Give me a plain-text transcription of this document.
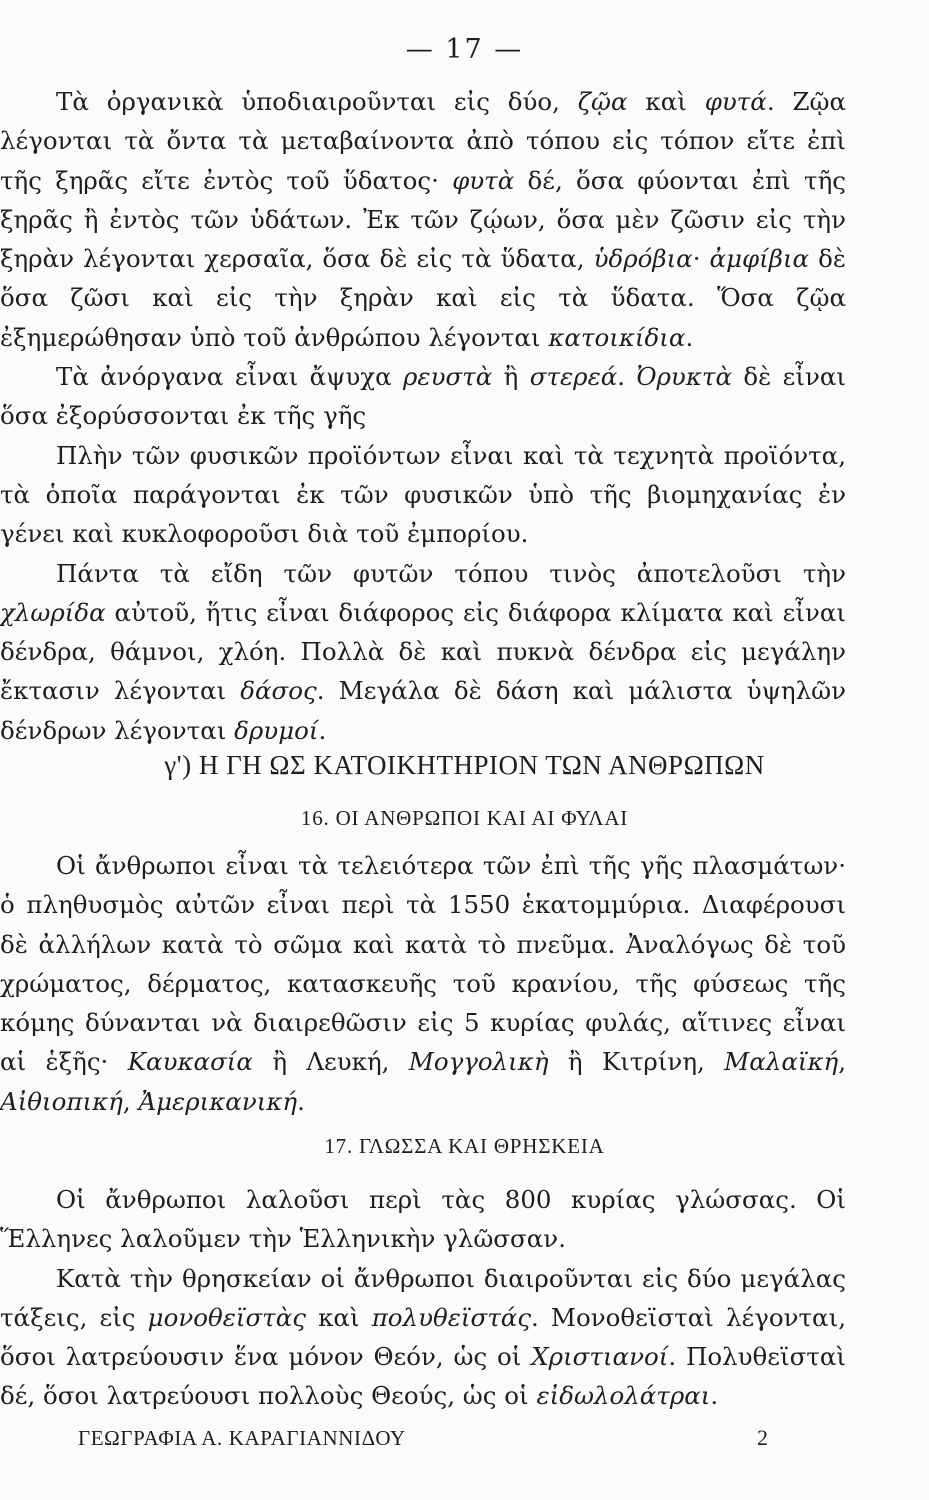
— 17 —

Τὰ ὀργανικὰ ὑποδιαιροῦνται εἰς δύο, ζῷα καὶ φυτά. Ζῷα λέγονται τὰ ὄντα τὰ μεταβαίνοντα ἀπὸ τόπου εἰς τόπον εἴτε ἐπὶ τῆς ξηρᾶς εἴτε ἐντὸς τοῦ ὕδατος· φυτὰ δέ, ὅσα φύονται ἐπὶ τῆς ξηρᾶς ἢ ἐντὸς τῶν ὑδάτων. Ἐκ τῶν ζῴων, ὅσα μὲν ζῶσιν εἰς τὴν ξηρὰν λέγονται χερσαῖα, ὅσα δὲ εἰς τὰ ὕδατα, ὑδρόβια· ἀμφίβια δὲ ὅσα ζῶσι καὶ εἰς τὴν ξηρὰν καὶ εἰς τὰ ὕδατα. Ὅσα ζῷα ἐξημερώθησαν ὑπὸ τοῦ ἀνθρώπου λέγονται κατοικίδια.

Τὰ ἀνόργανα εἶναι ἄψυχα ρευστὰ ἢ στερεά. Ὀρυκτὰ δὲ εἶναι ὅσα ἐξορύσσονται ἐκ τῆς γῆς

Πλὴν τῶν φυσικῶν προϊόντων εἶναι καὶ τὰ τεχνητὰ προϊόντα, τὰ ὁποῖα παράγονται ἐκ τῶν φυσικῶν ὑπὸ τῆς βιομηχανίας ἐν γένει καὶ κυκλοφοροῦσι διὰ τοῦ ἐμπορίου.

Πάντα τὰ εἴδη τῶν φυτῶν τόπου τινὸς ἀποτελοῦσι τὴν χλωρίδα αὐτοῦ, ἥτις εἶναι διάφορος εἰς διάφορα κλίματα καὶ εἶναι δένδρα, θάμνοι, χλόη. Πολλὰ δὲ καὶ πυκνὰ δένδρα εἰς μεγάλην ἔκτασιν λέγονται δάσος. Μεγάλα δὲ δάση καὶ μάλιστα ὑψηλῶν δένδρων λέγονται δρυμοί.

γ') Η ΓΗ ΩΣ ΚΑΤΟΙΚΗΤΗΡΙΟΝ ΤΩΝ ΑΝΘΡΩΠΩΝ
16. ΟΙ ΑΝΘΡΩΠΟΙ ΚΑΙ ΑΙ ΦΥΛΑΙ

Οἱ ἄνθρωποι εἶναι τὰ τελειότερα τῶν ἐπὶ τῆς γῆς πλασμάτων· ὁ πληθυσμὸς αὐτῶν εἶναι περὶ τὰ 1550 ἑκατομμύρια. Διαφέρουσι δὲ ἀλλήλων κατὰ τὸ σῶμα καὶ κατὰ τὸ πνεῦμα. Ἀναλόγως δὲ τοῦ χρώματος, δέρματος, κατασκευῆς τοῦ κρανίου, τῆς φύσεως τῆς κόμης δύνανται νὰ διαιρεθῶσιν εἰς 5 κυρίας φυλάς, αἵτινες εἶναι αἱ ἑξῆς· Καυκασία ἢ Λευκή, Μογγολικὴ ἢ Κιτρίνη, Μαλαϊκή, Αἰθιοπική, Ἀμερικανική.

17. ΓΛΩΣΣΑ ΚΑΙ ΘΡΗΣΚΕΙΑ

Οἱ ἄνθρωποι λαλοῦσι περὶ τὰς 800 κυρίας γλώσσας. Οἱ Ἕλληνες λαλοῦμεν τὴν Ἑλληνικὴν γλῶσσαν.

Κατὰ τὴν θρησκείαν οἱ ἄνθρωποι διαιροῦνται εἰς δύο μεγάλας τάξεις, εἰς μονοθεϊστὰς καὶ πολυθεϊστάς. Μονοθεϊσταὶ λέγονται, ὅσοι λατρεύουσιν ἕνα μόνον Θεόν, ὡς οἱ Χριστιανοί. Πολυθεϊσταὶ δέ, ὅσοι λατρεύουσι πολλοὺς Θεούς, ὡς οἱ εἰδωλολάτραι.

ΓΕΩΓΡΑΦΙΑ Α. ΚΑΡΑΓΙΑΝΝΙΔΟΥ	2
